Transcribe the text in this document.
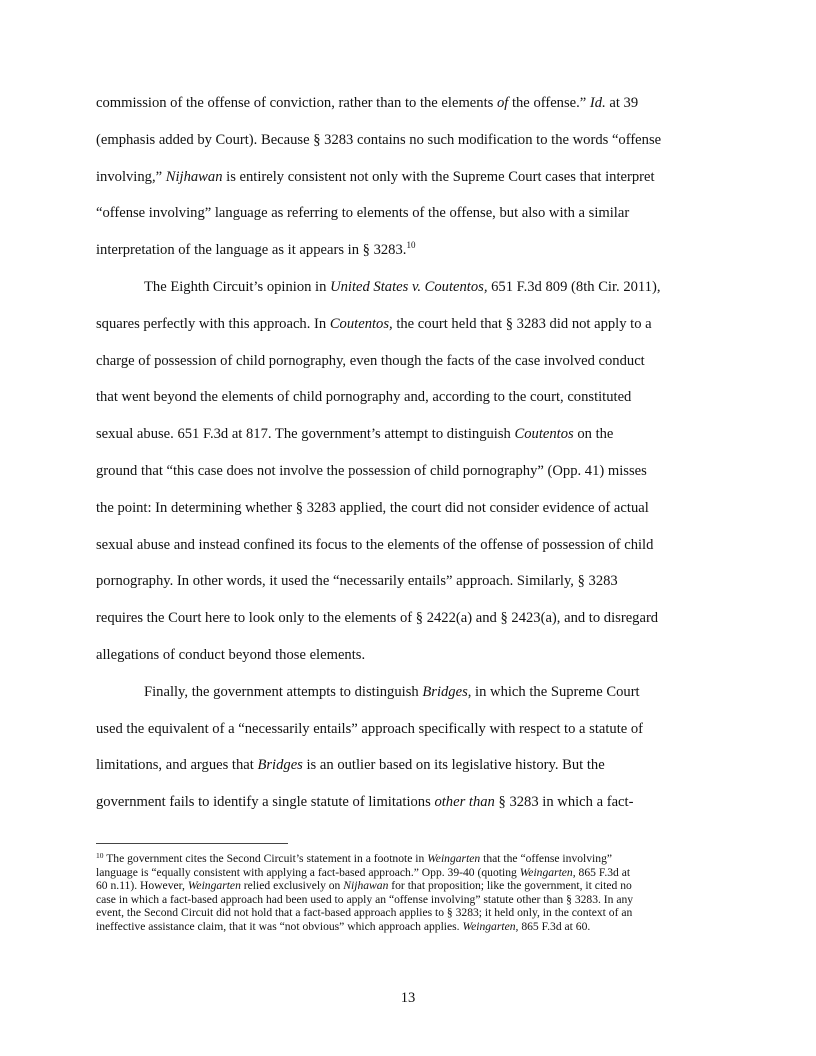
commission of the offense of conviction, rather than to the elements of the offense.” Id. at 39
(emphasis added by Court). Because § 3283 contains no such modification to the words “offense
involving,” Nijhawan is entirely consistent not only with the Supreme Court cases that interpret
“offense involving” language as referring to elements of the offense, but also with a similar
interpretation of the language as it appears in § 3283.10
The Eighth Circuit’s opinion in United States v. Coutentos, 651 F.3d 809 (8th Cir. 2011),
squares perfectly with this approach. In Coutentos, the court held that § 3283 did not apply to a
charge of possession of child pornography, even though the facts of the case involved conduct
that went beyond the elements of child pornography and, according to the court, constituted
sexual abuse. 651 F.3d at 817. The government’s attempt to distinguish Coutentos on the
ground that “this case does not involve the possession of child pornography” (Opp. 41) misses
the point: In determining whether § 3283 applied, the court did not consider evidence of actual
sexual abuse and instead confined its focus to the elements of the offense of possession of child
pornography. In other words, it used the “necessarily entails” approach. Similarly, § 3283
requires the Court here to look only to the elements of § 2422(a) and § 2423(a), and to disregard
allegations of conduct beyond those elements.
Finally, the government attempts to distinguish Bridges, in which the Supreme Court
used the equivalent of a “necessarily entails” approach specifically with respect to a statute of
limitations, and argues that Bridges is an outlier based on its legislative history. But the
government fails to identify a single statute of limitations other than § 3283 in which a fact-
$^{10}$ The government cites the Second Circuit’s statement in a footnote in Weingarten that the “offense involving”
language is “equally consistent with applying a fact-based approach.” Opp. 39-40 (quoting Weingarten, 865 F.3d at
60 n.11). However, Weingarten relied exclusively on Nijhawan for that proposition; like the government, it cited no
case in which a fact-based approach had been used to apply an “offense involving” statute other than § 3283. In any
event, the Second Circuit did not hold that a fact-based approach applies to § 3283; it held only, in the context of an
ineffective assistance claim, that it was “not obvious” which approach applies. Weingarten, 865 F.3d at 60.
13
